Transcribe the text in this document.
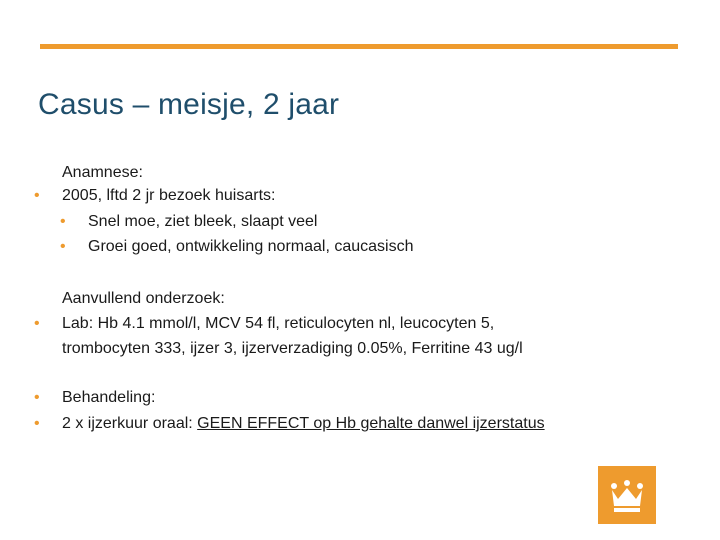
Casus – meisje, 2 jaar
Anamnese:
• 2005, lftd 2 jr bezoek huisarts:
• Snel moe, ziet bleek, slaapt veel
• Groei goed, ontwikkeling normaal, caucasisch
Aanvullend onderzoek:
• Lab: Hb 4.1 mmol/l, MCV 54 fl, reticulocyten nl, leucocyten 5,
trombocyten 333, ijzer 3, ijzerverzadiging 0.05%, Ferritine 43 ug/l
• Behandeling:
• 2 x ijzerkuur oraal: GEEN EFFECT op Hb gehalte danwel ijzerstatus
